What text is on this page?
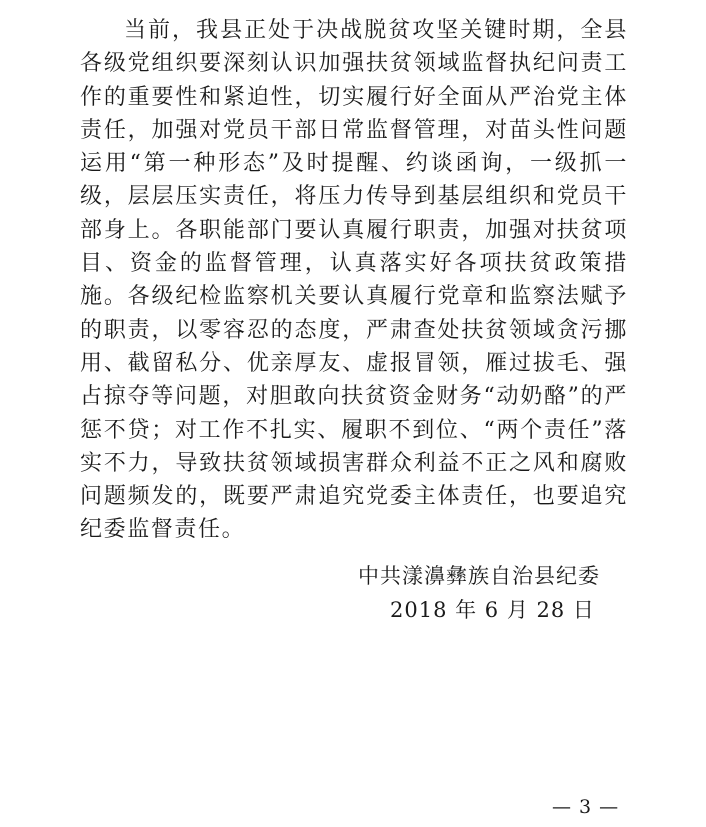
当前，我县正处于决战脱贫攻坚关键时期，全县各级党组织要深刻认识加强扶贫领域监督执纪问责工作的重要性和紧迫性，切实履行好全面从严治党主体责任，加强对党员干部日常监督管理，对苗头性问题运用“第一种形态”及时提醒、约谈函询，一级抓一级，层层压实责任，将压力传导到基层组织和党员干部身上。各职能部门要认真履行职责，加强对扶贫项目、资金的监督管理，认真落实好各项扶贫政策措施。各级纪检监察机关要认真履行党章和监察法赋予的职责，以零容忍的态度，严肃查处扶贫领域贪污挪用、截留私分、优亲厚友、虚报冒领，雁过拔毛、强占掠夺等问题，对胆敢向扶贫资金财务“动奶酪”的严惩不贷；对工作不扎实、履职不到位、“两个责任”落实不力，导致扶贫领域损害群众利益不正之风和腐败问题频发的，既要严肃追究党委主体责任，也要追究纪委监督责任。

中共漾濞彝族自治县纪委
2018 年 6 月 28 日
— 3 —
